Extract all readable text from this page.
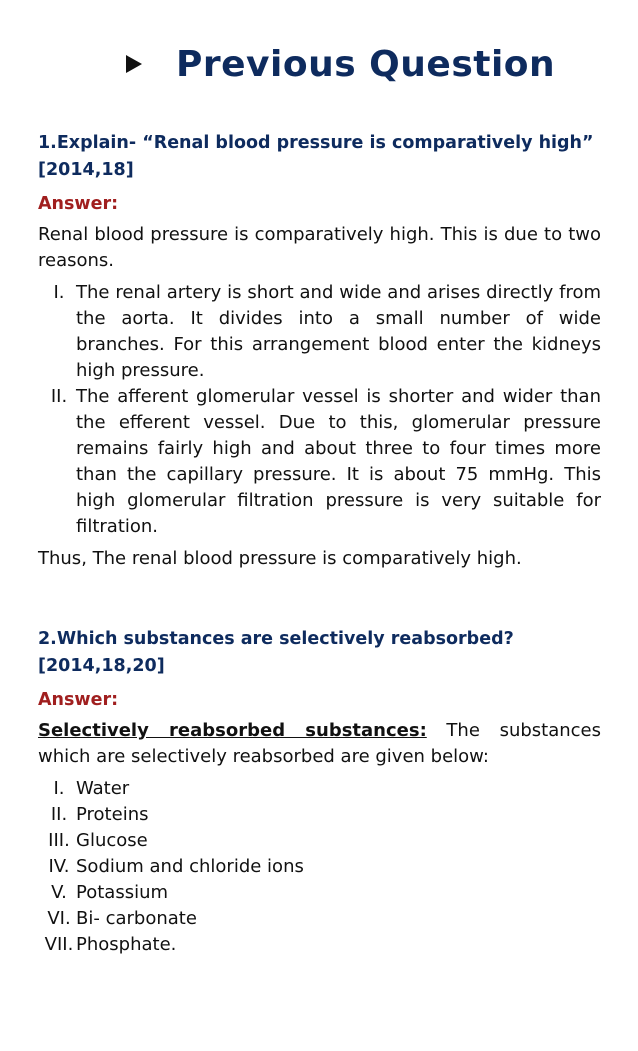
Previous Question

1.Explain- “Renal blood pressure is comparatively high” [2014,18]

Answer:

Renal blood pressure is comparatively high. This is due to two reasons.

I. The renal artery is short and wide and arises directly from the aorta. It divides into a small number of wide branches. For this arrangement blood enter the kidneys high pressure.
II. The afferent glomerular vessel is shorter and wider than the efferent vessel. Due to this, glomerular pressure remains fairly high and about three to four times more than the capillary pressure. It is about 75 mmHg. This high glomerular filtration pressure is very suitable for filtration.

Thus, The renal blood pressure is comparatively high.

2.Which substances are selectively reabsorbed? [2014,18,20]

Answer:

Selectively reabsorbed substances: The substances which are selectively reabsorbed are given below:

I. Water
II. Proteins
III. Glucose
IV. Sodium and chloride ions
V. Potassium
VI. Bi- carbonate
VII. Phosphate.
